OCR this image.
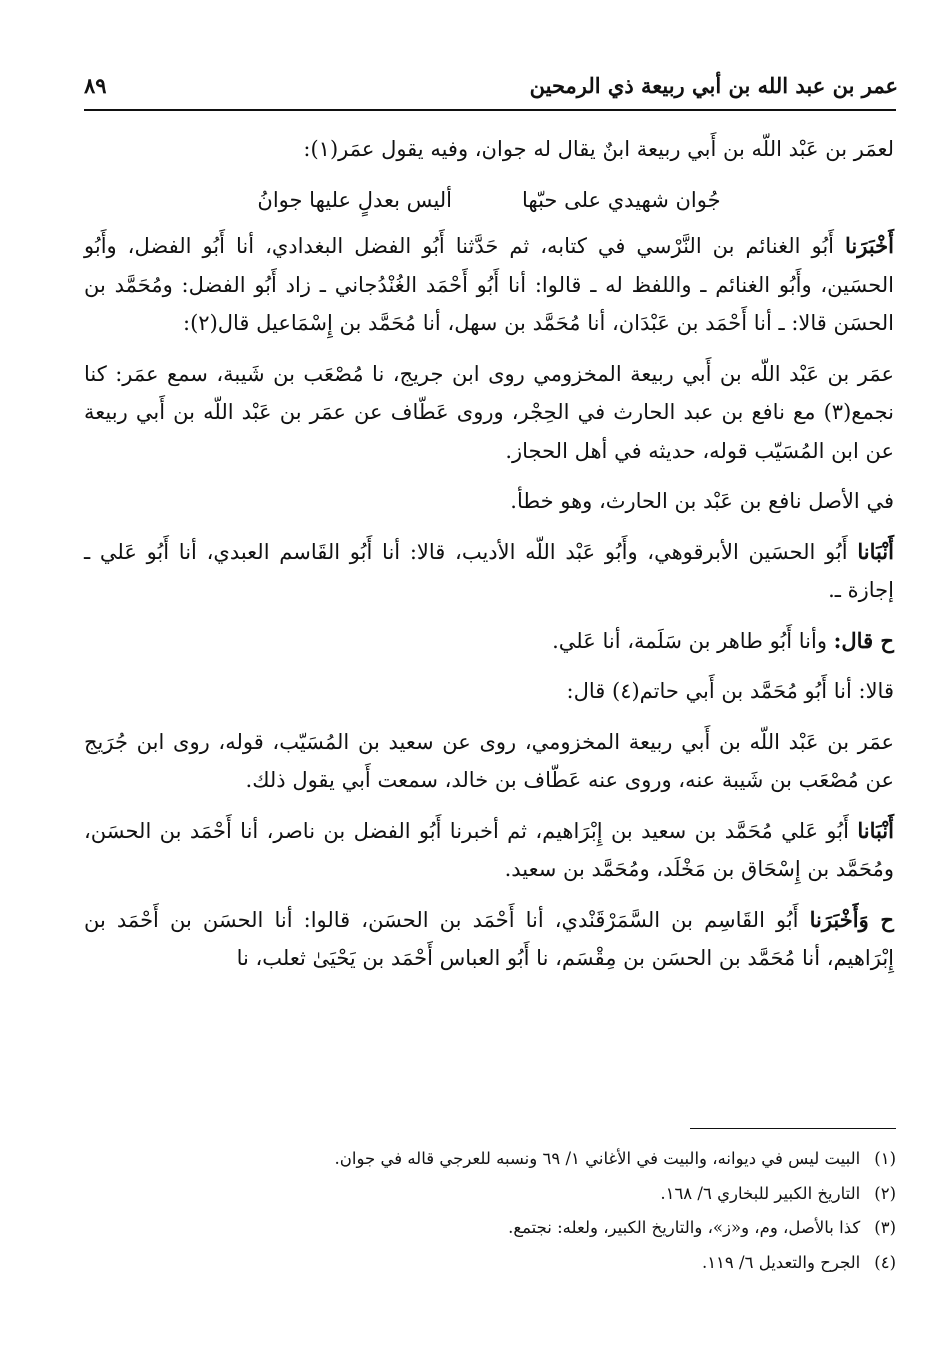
عمر بن عبد الله بن أبي ربيعة ذي الرمحين
٨٩

لعمَر بن عَبْد اللّه بن أَبي ربيعة ابنٌ يقال له جوان، وفيه يقول عمَر(١):

جُوان شهيدي على حبّها
أليس بعدلٍ عليها جوانُ

أَخْبَرَنا أَبُو الغنائم بن النَّرْسي في كتابه، ثم حَدَّثنا أَبُو الفضل البغدادي، أنا أَبُو الفضل، وأَبُو الحسَين، وأَبُو الغنائم ـ واللفظ له ـ قالوا: أنا أَبُو أَحْمَد الغُنْدُجاني ـ زاد أَبُو الفضل: ومُحَمَّد بن الحسَن قالا: ـ أنا أَحْمَد بن عَبْدَان، أنا مُحَمَّد بن سهل، أنا مُحَمَّد بن إِسْمَاعيل قال(٢):

عمَر بن عَبْد اللّه بن أَبي ربيعة المخزومي روى ابن جريج، نا مُصْعَب بن شَيبة، سمع عمَر: كنا نجمع(٣) مع نافع بن عبد الحارث في الحِجْر، وروى عَطّاف عن عمَر بن عَبْد اللّه بن أَبي ربيعة عن ابن المُسَيّب قوله، حديثه في أهل الحجاز.

في الأصل نافع بن عَبْد بن الحارث، وهو خطأ.

أَنْبَانا أَبُو الحسَين الأبرقوهي، وأَبُو عَبْد اللّه الأديب، قالا: أنا أَبُو القَاسم العبدي، أنا أَبُو عَلي ـ إجازة ـ.

ح قال: وأنا أَبُو طاهر بن سَلَمة، أنا عَلي.

قالا: أنا أَبُو مُحَمَّد بن أَبي حاتم(٤) قال:

عمَر بن عَبْد اللّه بن أَبي ربيعة المخزومي، روى عن سعيد بن المُسَيّب، قوله، روى ابن جُرَيج عن مُصْعَب بن شَيبة عنه، وروى عنه عَطّاف بن خالد، سمعت أَبي يقول ذلك.

أَنْبَانا أَبُو عَلي مُحَمَّد بن سعيد بن إِبْرَاهيم، ثم أخبرنا أَبُو الفضل بن ناصر، أنا أَحْمَد بن الحسَن، ومُحَمَّد بن إِسْحَاق بن مَخْلَد، ومُحَمَّد بن سعيد.

ح وَأَخْبَرَنا أَبُو القَاسِم بن السَّمَرْقَنْدي، أنا أَحْمَد بن الحسَن، قالوا: أنا الحسَن بن أَحْمَد بن إِبْرَاهيم، أنا مُحَمَّد بن الحسَن بن مِقْسَم، نا أَبُو العباس أَحْمَد بن يَحْيَىٰ ثعلب، نا

(١)
البيت ليس في ديوانه، والبيت في الأغاني ١/ ٦٩ ونسبه للعرجي قاله في جوان.
(٢)
التاريخ الكبير للبخاري ٦/ ١٦٨.
(٣)
كذا بالأصل، وم، و«ز»، والتاريخ الكبير، ولعله: نجتمع.
(٤)
الجرح والتعديل ٦/ ١١٩.
